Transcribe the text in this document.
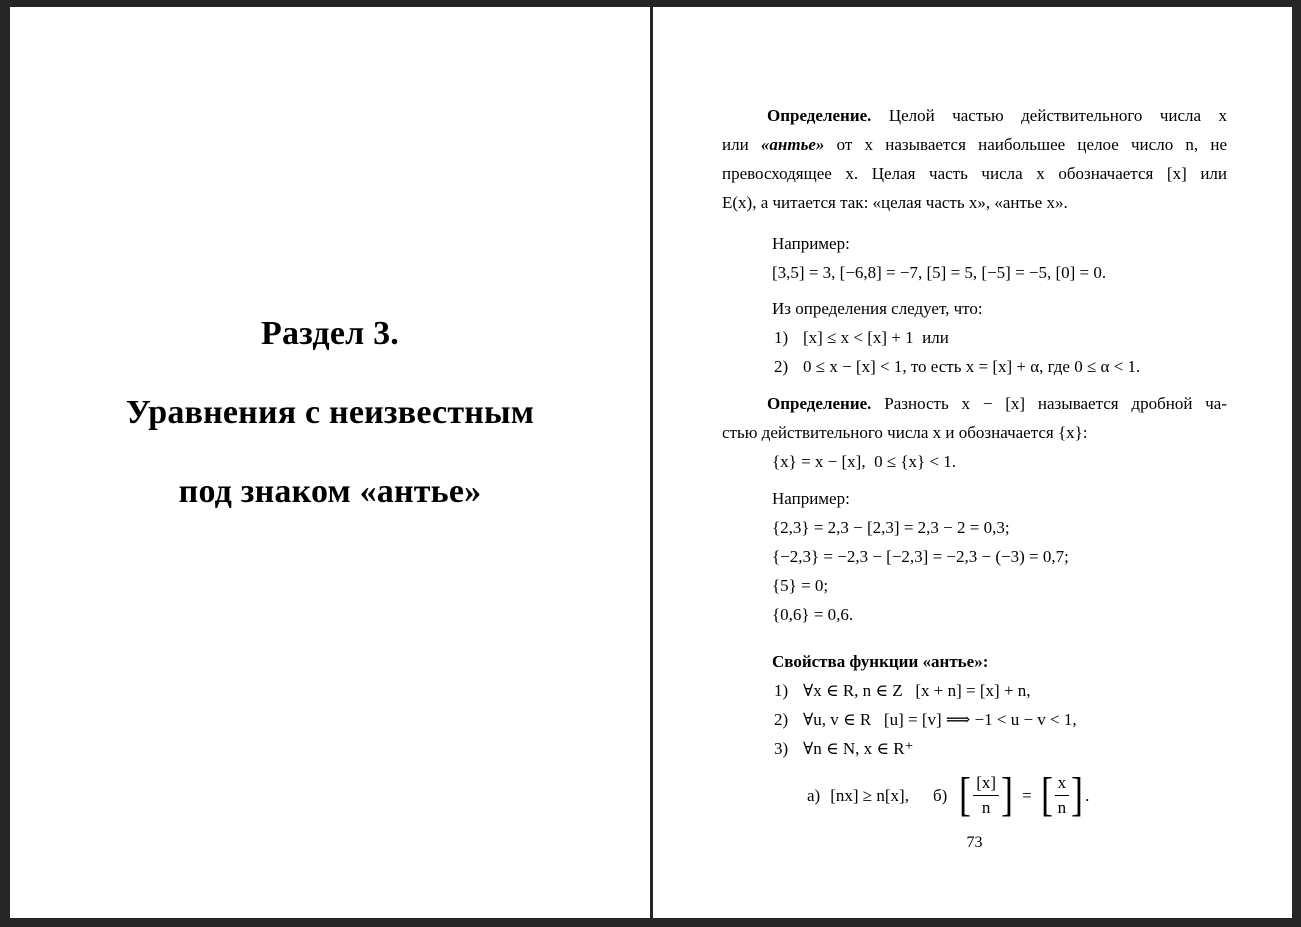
Раздел 3.
Уравнения с неизвестным
под знаком «антье»
Определение. Целой частью действительного числа x
или «антье» от x называется наибольшее целое число n, не
превосходящее x. Целая часть числа x обозначается [x] или
E(x), а читается так: «целая часть x», «антье x».
Например:
[3,5] = 3, [−6,8] = −7, [5] = 5, [−5] = −5, [0] = 0.
Из определения следует, что:
1) [x] ≤ x < [x] + 1  или
2) 0 ≤ x − [x] < 1, то есть x = [x] + α, где 0 ≤ α < 1.
Определение. Разность x − [x] называется дробной ча-
стью действительного числа x и обозначается {x}:
{x} = x − [x],  0 ≤ {x} < 1.
Например:
{2,3} = 2,3 − [2,3] = 2,3 − 2 = 0,3;
{−2,3} = −2,3 − [−2,3] = −2,3 − (−3) = 0,7;
{5} = 0;
{0,6} = 0,6.
Свойства функции «антье»:
1) ∀x ∈ R, n ∈ Z   [x + n] = [x] + n,
2) ∀u, v ∈ R   [u] = [v] ⟹ −1 < u − v < 1,
3) ∀n ∈ N, x ∈ R⁺
а) [nx] ≥ n[x], б) [ $\frac{[x]}{n}$ ] = [ $\frac{x}{n}$ ] .
73
